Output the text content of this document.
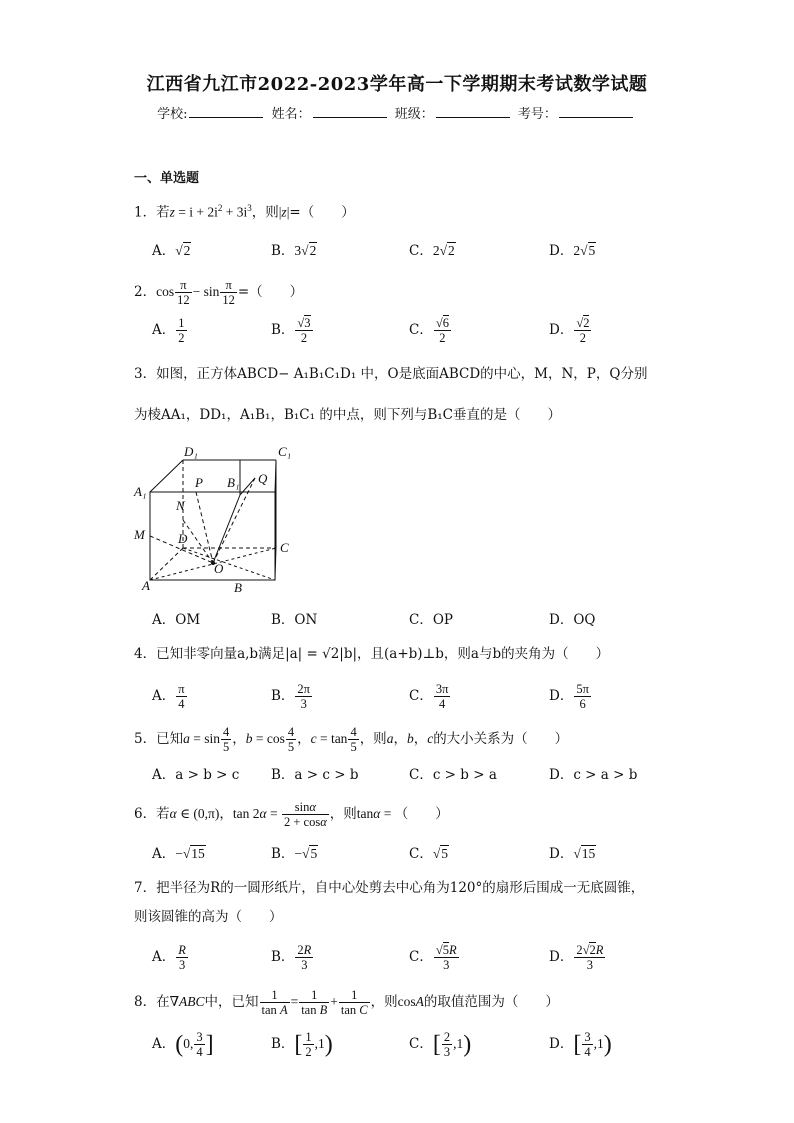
江西省九江市2022-2023学年高一下学期期末考试数学试题
学校:	姓名：	班级：	考号：
一、单选题
1．若$z = i + 2i^2 + 3i^3$，则|z|=（　　）
A．√2	B．3√2	C．2√2	D．2√5
2．$\cos \frac{\pi}{12} - \sin \frac{\pi}{12}$ =（　　）
A． $\frac{1}{2}$	B． $\frac{√3}{2}$	C． $\frac{√6}{2}$	D． $\frac{√2}{2}$
3．如图，正方体ABCD− A₁B₁C₁D₁ 中，O是底面ABCD的中心，M，N，P，Q分别
为棱AA₁，DD₁，A₁B₁，B₁C₁ 的中点，则下列与B₁C垂直的是（　　）
D₁	C₁
A₁
P B₁ Q
N
M	D
C
O
A	B
A．OM	B．ON	C．OP	D．OQ
4．已知非零向量a,b满足|a| = √2|b|，且(a+b)⊥b，则a与b的夹角为（　　）
A． $\frac{\pi}{4}$	B． $\frac{2\pi}{3}$	C． $\frac{3\pi}{4}$	D． $\frac{5\pi}{6}$
5．已知$a = \sin \frac{4}{5}$ ，$b = \cos \frac{4}{5}$ ，$c = \tan \frac{4}{5}$ ，则a，b，c的大小关系为（　　）
A．a > b > c B．a > c > b	C．c > b > a	D．c > a > b
6．若α ∈ (0,π)，$\tan 2\alpha = \frac{\sin\alpha}{2 + \cos\alpha}$ ，则tanα = （　　）
A．−√15	B．−√5	C．√5	D．√15
7．把半径为R的一圆形纸片，自中心处剪去中心角为120°的扇形后围成一无底圆锥，
则该圆锥的高为（　　）
A． $\frac{R}{3}$	B． $\frac{2R}{3}$	C． $\frac{√5R}{3}$	D． $\frac{2√2R}{3}$
8．在∇ABC中，已知 $\frac{1}{\text{tan A}} = \frac{1}{\text{tan B}} + \frac{1}{\text{tan C}}$ ，则cosA的取值范围为（　　）
A．(0, $\frac{3}{4}$ ]	B．[ $\frac{1}{2} ,1$)	C．[ $\frac{2}{3} ,1$)	D．[ $\frac{3}{4} ,1$)
